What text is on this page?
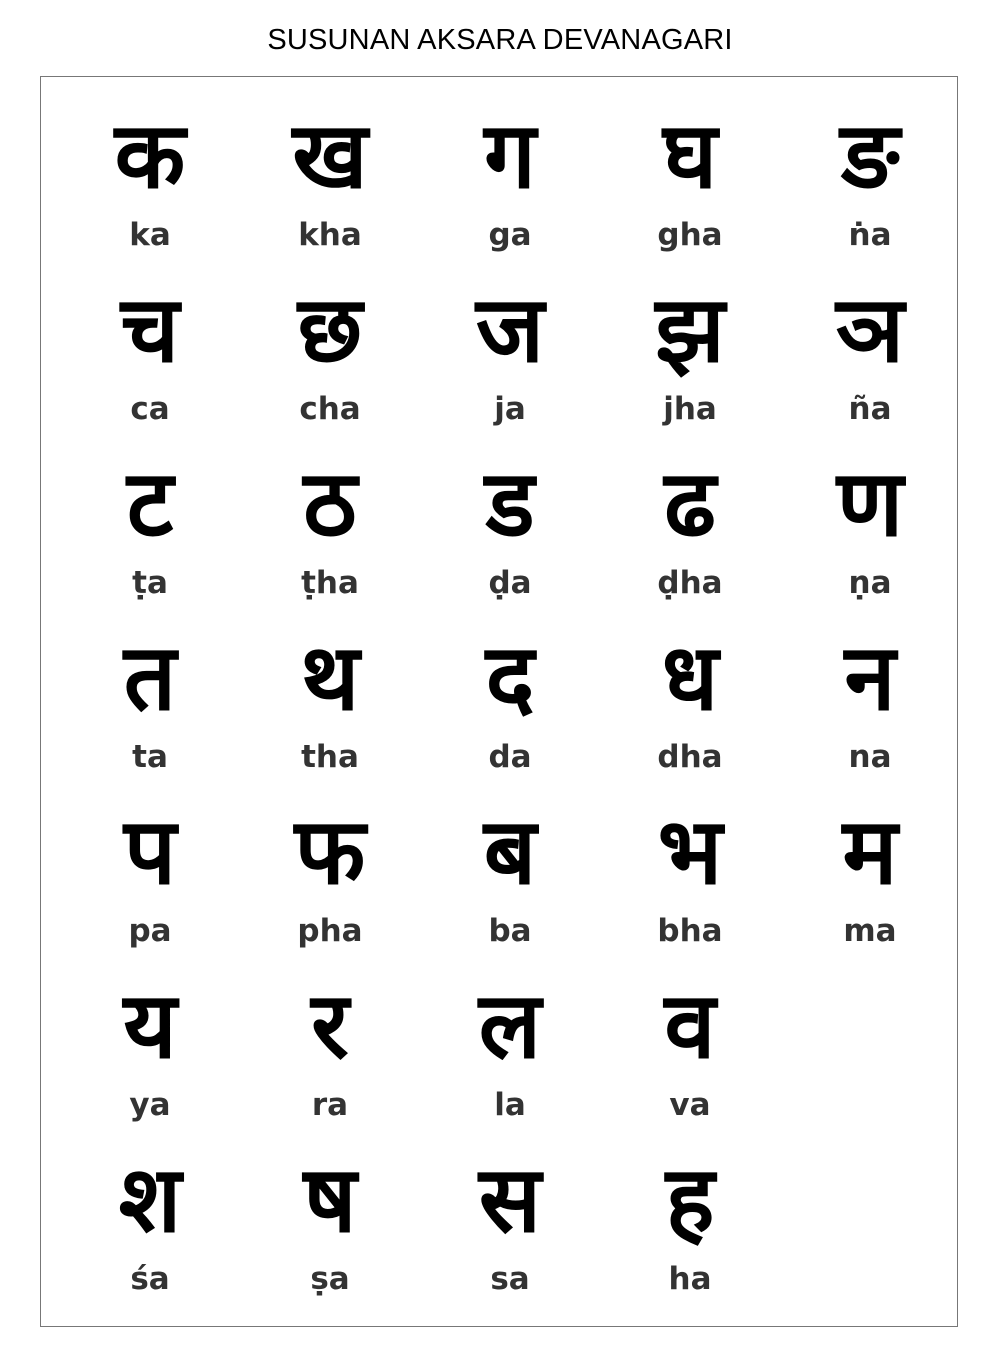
SUSUNAN AKSARA DEVANAGARI
क
ka
ख
kha
ग
ga
घ
gha
ङ
ṅa
च
ca
छ
cha
ज
ja
झ
jha
ञ
ña
ट
ṭa
ठ
ṭha
ड
ḍa
ढ
ḍha
ण
ṇa
त
ta
थ
tha
द
da
ध
dha
न
na
प
pa
फ
pha
ब
ba
भ
bha
म
ma
य
ya
र
ra
ल
la
व
va
श
śa
ष
ṣa
स
sa
ह
ha
